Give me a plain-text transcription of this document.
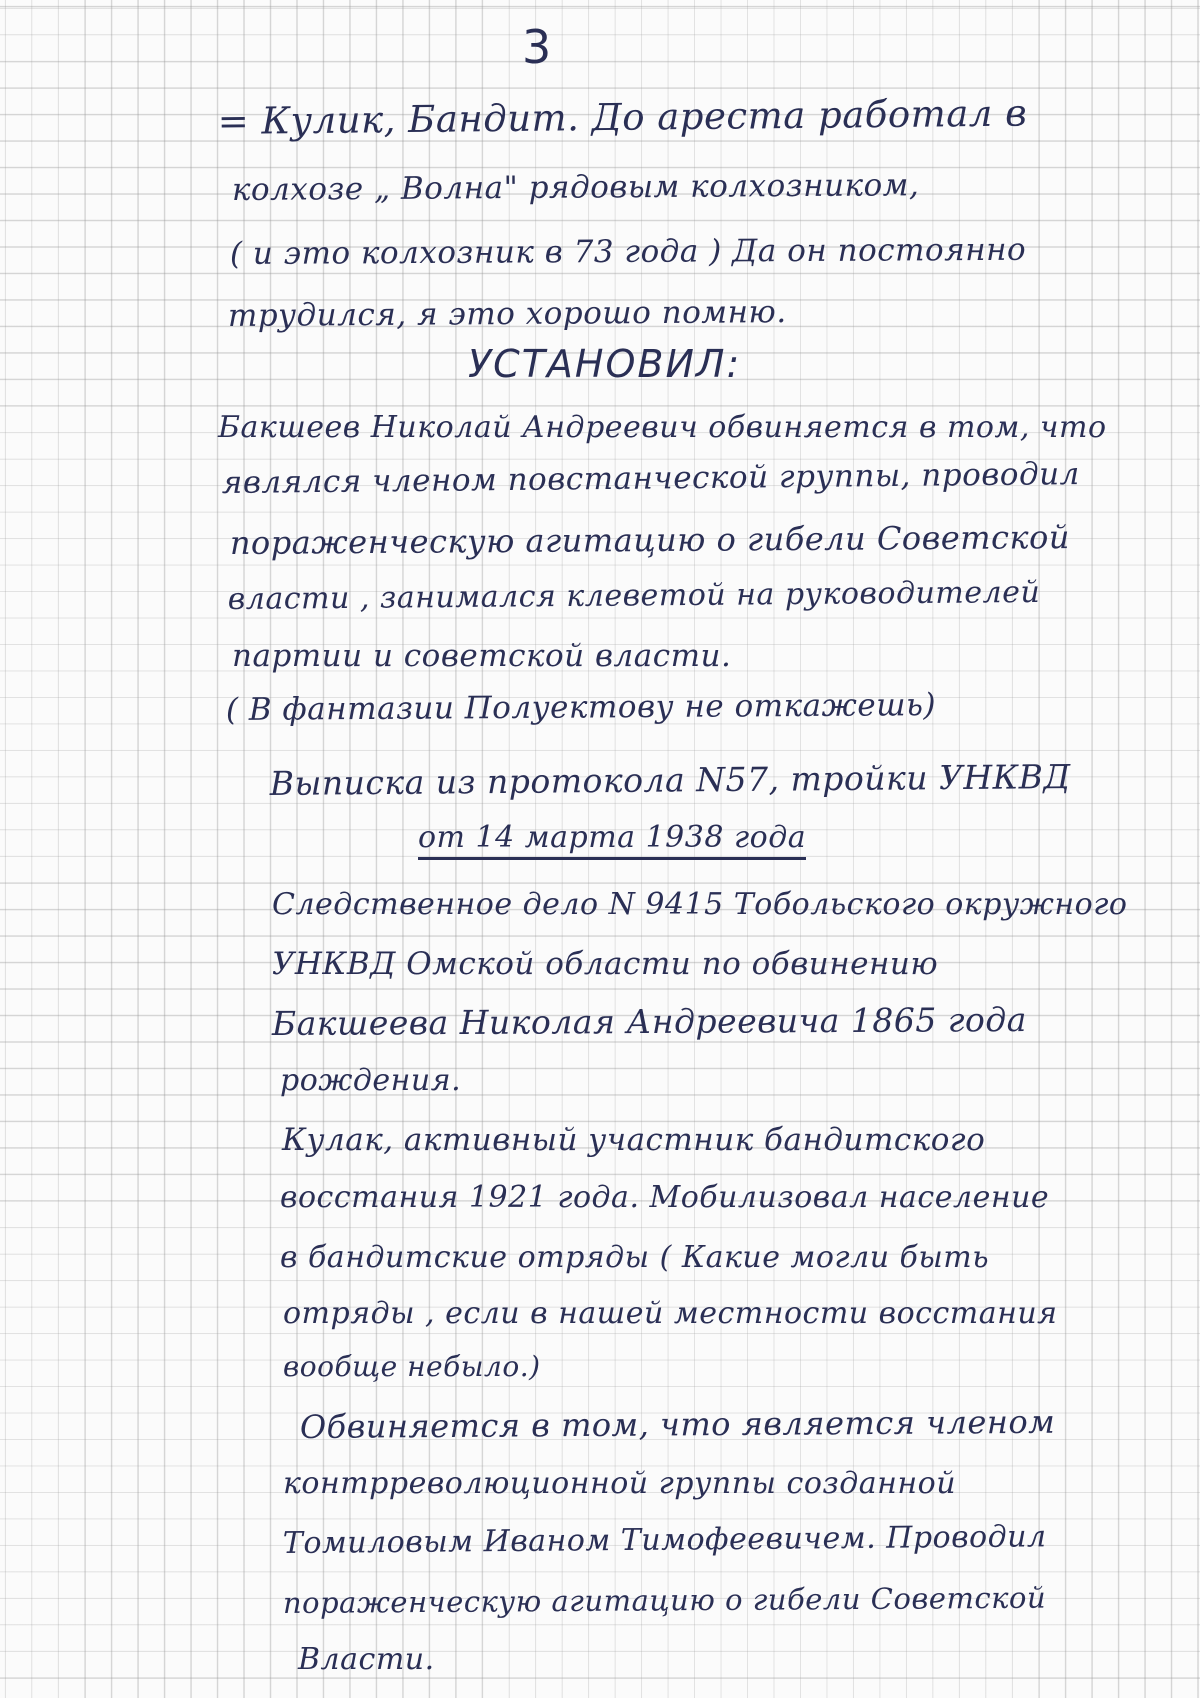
3
= Кулик, Бандит. До ареста работал в
колхозе „ Волна" рядовым колхозником,
( и это колхозник в 73 года ) Да он постоянно
трудился, я это хорошо помню.
УСТАНОВИЛ:
Бакшеев Николай Андреевич обвиняется в том, что
являлся членом повстанческой группы, проводил
пораженческую агитацию о гибели Советской
власти , занимался клеветой на руководителей
партии и советской власти.
( В фантазии Полуектову не откажешь)
Выписка из протокола N57, тройки УНКВД
от 14 марта 1938 года
Следственное дело N 9415 Тобольского окружного
УНКВД Омской области по обвинению
Бакшеева Николая Андреевича 1865 года
рождения.
Кулак, активный участник бандитского
восстания 1921 года. Мобилизовал население
в бандитские отряды ( Какие могли быть
отряды , если в нашей местности восстания
вообще небыло.)
Обвиняется в том, что является членом
контрреволюционной группы созданной
Томиловым Иваном Тимофеевичем. Проводил
пораженческую агитацию о гибели Советской
Власти.
